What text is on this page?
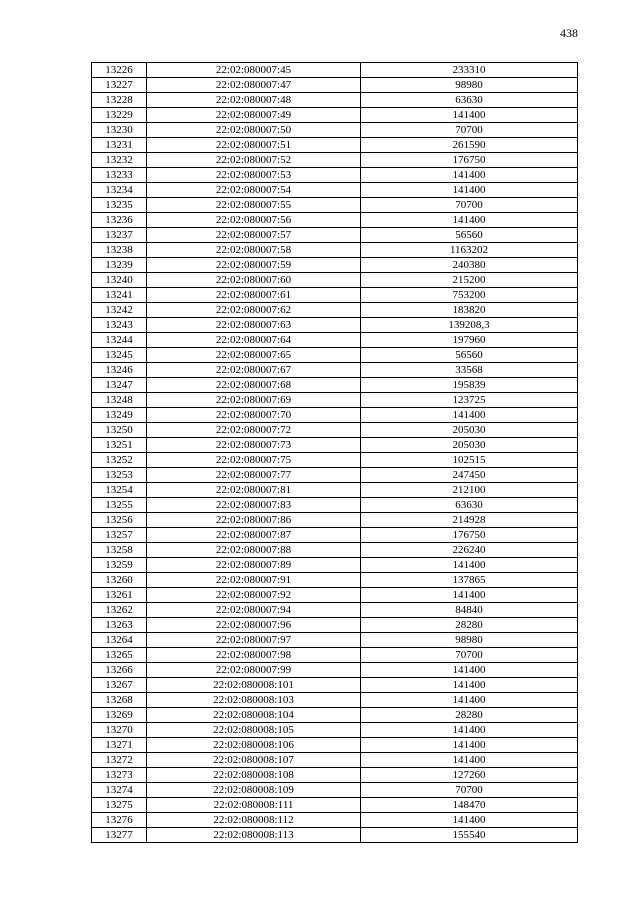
438
13226	22:02:080007:45	233310
13227	22:02:080007:47	98980
13228	22:02:080007:48	63630
13229	22:02:080007:49	141400
13230	22:02:080007:50	70700
13231	22:02:080007:51	261590
13232	22:02:080007:52	176750
13233	22:02:080007:53	141400
13234	22:02:080007:54	141400
13235	22:02:080007:55	70700
13236	22:02:080007:56	141400
13237	22:02:080007:57	56560
13238	22:02:080007:58	1163202
13239	22:02:080007:59	240380
13240	22:02:080007:60	215200
13241	22:02:080007:61	753200
13242	22:02:080007:62	183820
13243	22:02:080007:63	139208,3
13244	22:02:080007:64	197960
13245	22:02:080007:65	56560
13246	22:02:080007:67	33568
13247	22:02:080007:68	195839
13248	22:02:080007:69	123725
13249	22:02:080007:70	141400
13250	22:02:080007:72	205030
13251	22:02:080007:73	205030
13252	22:02:080007:75	102515
13253	22:02:080007:77	247450
13254	22:02:080007:81	212100
13255	22:02:080007:83	63630
13256	22:02:080007:86	214928
13257	22:02:080007:87	176750
13258	22:02:080007:88	226240
13259	22:02:080007:89	141400
13260	22:02:080007:91	137865
13261	22:02:080007:92	141400
13262	22:02:080007:94	84840
13263	22:02:080007:96	28280
13264	22:02:080007:97	98980
13265	22:02:080007:98	70700
13266	22:02:080007:99	141400
13267	22:02:080008:101	141400
13268	22:02:080008:103	141400
13269	22:02:080008:104	28280
13270	22:02:080008:105	141400
13271	22:02:080008:106	141400
13272	22:02:080008:107	141400
13273	22:02:080008:108	127260
13274	22:02:080008:109	70700
13275	22:02:080008:111	148470
13276	22:02:080008:112	141400
13277	22:02:080008:113	155540
